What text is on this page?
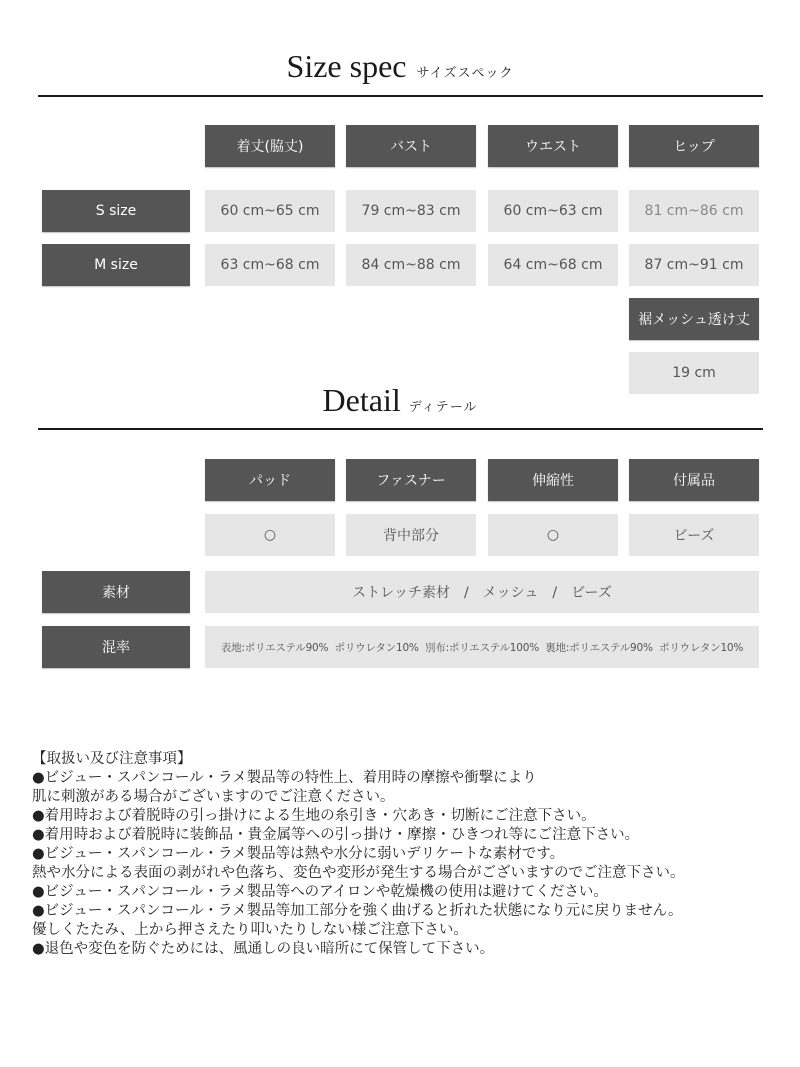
Size spec サイズスペック
着丈(脇丈)	バスト	ウエスト	ヒップ
S size	60 cm~65 cm	79 cm~83 cm	60 cm~63 cm	81 cm~86 cm
M size	63 cm~68 cm	84 cm~88 cm	64 cm~68 cm	87 cm~91 cm
裾メッシュ透け丈
19 cm
Detail ディテール
パッド	ファスナー	伸縮性	付属品
○	背中部分	○	ビーズ
素材	ストレッチ素材　/　メッシュ　/　ビーズ
混率	表地:ポリエステル90%  ポリウレタン10%  別布:ポリエステル100%  裏地:ポリエステル90%  ポリウレタン10%
【取扱い及び注意事項】
●ビジュー・スパンコール・ラメ製品等の特性上、着用時の摩擦や衝撃により
肌に刺激がある場合がございますのでご注意ください。
●着用時および着脱時の引っ掛けによる生地の糸引き・穴あき・切断にご注意下さい。
●着用時および着脱時に装飾品・貴金属等への引っ掛け・摩擦・ひきつれ等にご注意下さい。
●ビジュー・スパンコール・ラメ製品等は熱や水分に弱いデリケートな素材です。
熱や水分による表面の剥がれや色落ち、変色や変形が発生する場合がございますのでご注意下さい。
●ビジュー・スパンコール・ラメ製品等へのアイロンや乾燥機の使用は避けてください。
●ビジュー・スパンコール・ラメ製品等加工部分を強く曲げると折れた状態になり元に戻りません。
優しくたたみ、上から押さえたり叩いたりしない様ご注意下さい。
●退色や変色を防ぐためには、風通しの良い暗所にて保管して下さい。
